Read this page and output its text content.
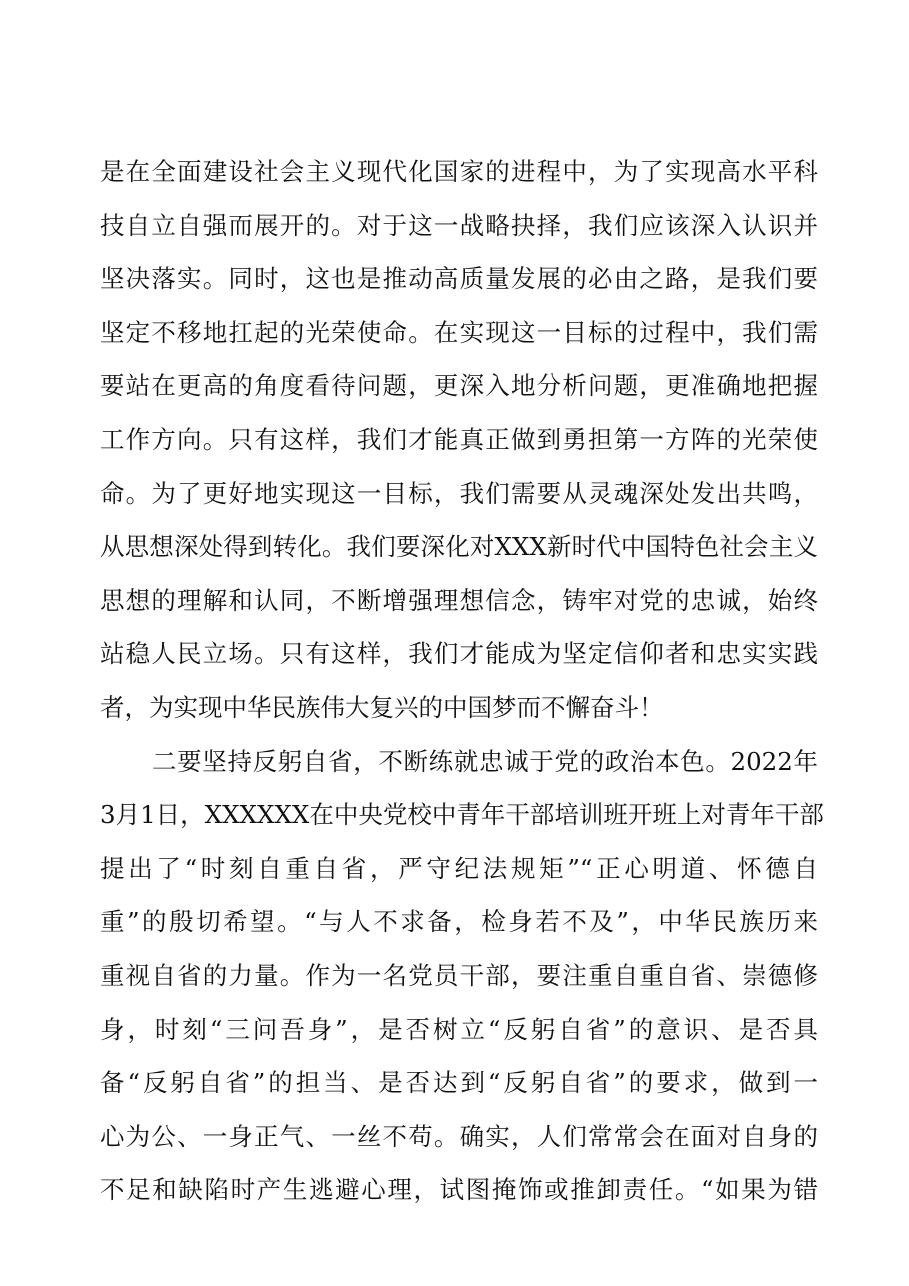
是在全面建设社会主义现代化国家的进程中，为了实现高水平科
技自立自强而展开的。对于这一战略抉择，我们应该深入认识并
坚决落实。同时，这也是推动高质量发展的必由之路，是我们要
坚定不移地扛起的光荣使命。在实现这一目标的过程中，我们需
要站在更高的角度看待问题，更深入地分析问题，更准确地把握
工作方向。只有这样，我们才能真正做到勇担第一方阵的光荣使
命。为了更好地实现这一目标，我们需要从灵魂深处发出共鸣，
从思想深处得到转化。我们要深化对XXX新时代中国特色社会主义
思想的理解和认同，不断增强理想信念，铸牢对党的忠诚，始终
站稳人民立场。只有这样，我们才能成为坚定信仰者和忠实实践
者，为实现中华民族伟大复兴的中国梦而不懈奋斗！
二要坚持反躬自省，不断练就忠诚于党的政治本色。2022年
3月1日，XXXXXX在中央党校中青年干部培训班开班上对青年干部
提出了“时刻自重自省，严守纪法规矩”“正心明道、怀德自
重”的殷切希望。“与人不求备，检身若不及”，中华民族历来
重视自省的力量。作为一名党员干部，要注重自重自省、崇德修
身，时刻“三问吾身”，是否树立“反躬自省”的意识、是否具
备“反躬自省”的担当、是否达到“反躬自省”的要求，做到一
心为公、一身正气、一丝不苟。确实，人们常常会在面对自身的
不足和缺陷时产生逃避心理，试图掩饰或推卸责任。“如果为错
